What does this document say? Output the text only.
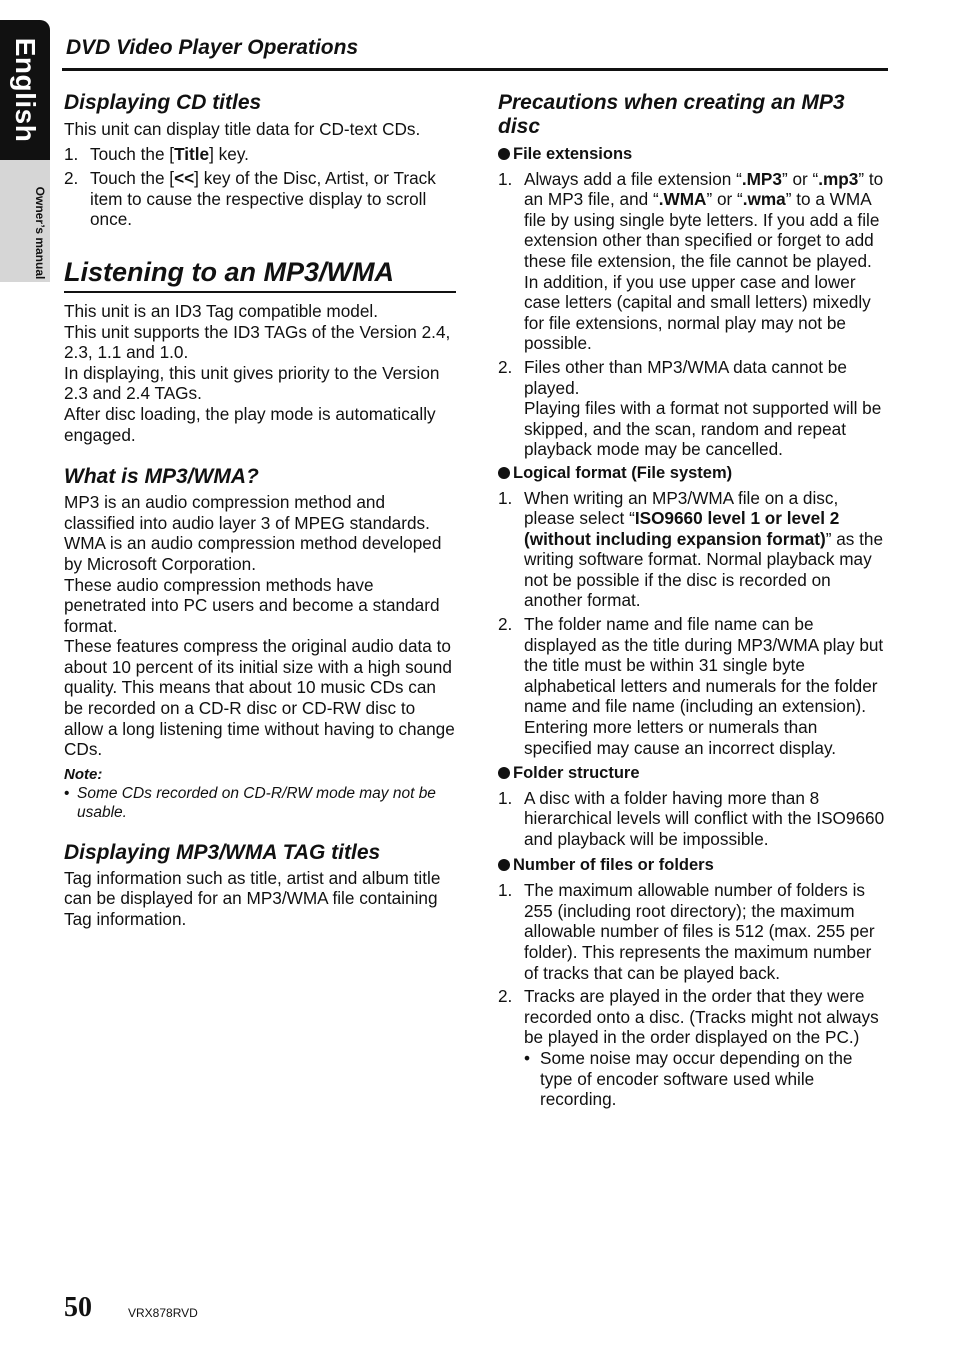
English
Owner’s manual
DVD Video Player Operations
Displaying CD titles

This unit can display title data for CD-text CDs.

1. Touch the [Title] key.
2. Touch the [<<] key of the Disc, Artist, or Track item to cause the respective display to scroll once.
Listening to an MP3/WMA

This unit is an ID3 Tag compatible model.

This unit supports the ID3 TAGs of the Version 2.4, 2.3, 1.1 and 1.0.

In displaying, this unit gives priority to the Version 2.3 and 2.4 TAGs.

After disc loading, the play mode is automatically engaged.

What is MP3/WMA?

MP3 is an audio compression method and classified into audio layer 3 of MPEG standards.

WMA is an audio compression method developed by Microsoft Corporation.

These audio compression methods have penetrated into PC users and become a standard format.

These features compress the original audio data to about 10 percent of its initial size with a high sound quality. This means that about 10 music CDs can be recorded on a CD-R disc or CD-RW disc to allow a long listening time without having to change CDs.

Note:
• Some CDs recorded on CD-R/RW mode may not be usable.
Displaying MP3/WMA TAG titles

Tag information such as title, artist and album title can be displayed for an MP3/WMA file containing Tag information.

Precautions when creating an MP3 disc
File extensions
1. Always add a file extension “.MP3” or “.mp3” to an MP3 file, and “.WMA” or “.wma” to a WMA file by using single byte letters. If you add a file extension other than specified or forget to add these file extension, the file cannot be played. In addition, if you use upper case and lower case letters (capital and small letters) mixedly for file extensions, normal play may not be possible.
2. Files other than MP3/WMA data cannot be played.
Playing files with a format not supported will be skipped, and the scan, random and repeat playback mode may be cancelled.
Logical format (File system)
1. When writing an MP3/WMA file on a disc, please select “ISO9660 level 1 or level 2 (without including expansion format)” as the writing software format. Normal playback may not be possible if the disc is recorded on another format.
2. The folder name and file name can be displayed as the title during MP3/WMA play but the title must be within 31 single byte alphabetical letters and numerals for the folder name and file name (including an extension). Entering more letters or numerals than specified may cause an incorrect display.
Folder structure
1. A disc with a folder having more than 8 hierarchical levels will conflict with the ISO9660 and playback will be impossible.
Number of files or folders
1. The maximum allowable number of folders is 255 (including root directory); the maximum allowable number of files is 512 (max. 255 per folder). This represents the maximum number of tracks that can be played back.
2. Tracks are played in the order that they were recorded onto a disc. (Tracks might not always be played in the order displayed on the PC.)
• Some noise may occur depending on the type of encoder software used while recording.
50	VRX878RVD
